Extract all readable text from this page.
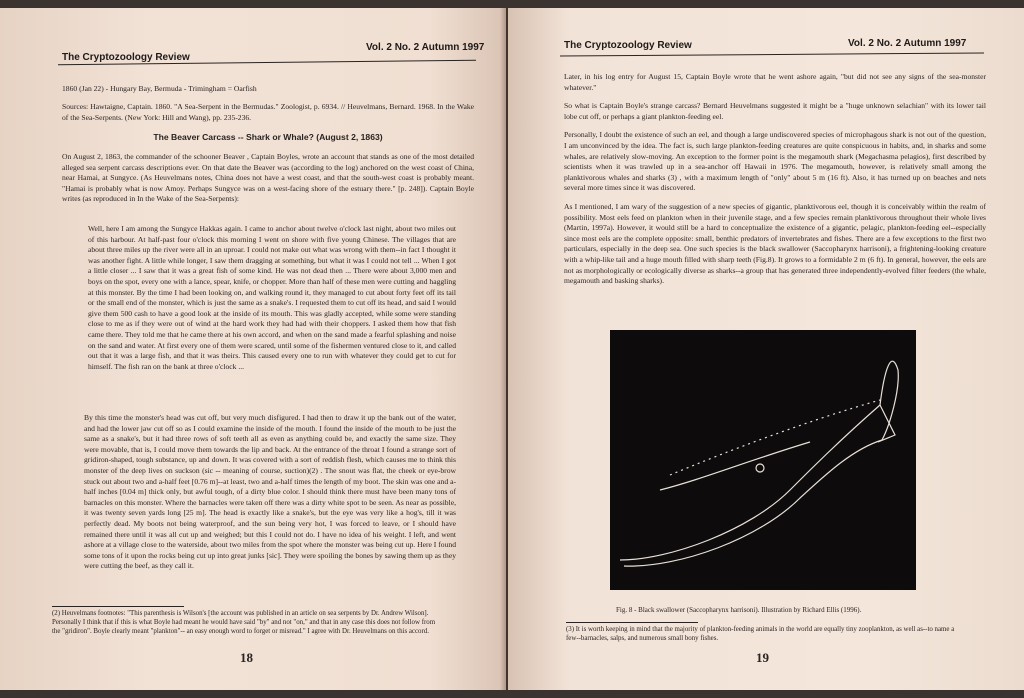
The Cryptozoology Review
Vol. 2 No. 2 Autumn 1997
1860 (Jan 22) - Hungary Bay, Bermuda - Trimingham = Oarfish
Sources: Hawtaigne, Captain. 1860. "A Sea-Serpent in the Bermudas." Zoologist, p. 6934. // Heuvelmans, Bernard. 1968. In the Wake of the Sea-Serpents. (New York: Hill and Wang), pp. 235-236.
The Beaver Carcass -- Shark or Whale? (August 2, 1863)
On August 2, 1863, the commander of the schooner Beaver , Captain Boyles, wrote an account that stands as one of the most detailed alleged sea serpent carcass descriptions ever. On that date the Beaver was (according to the log) anchored on the west coast of China, near Hamai, at Sungyce. (As Heuvelmans notes, China does not have a west coast, and that the south-west coast is probably meant. "Hamai is probably what is now Amoy. Perhaps Sungyce was on a west-facing shore of the estuary there." [p. 248]). Captain Boyle writes (as reproduced in In the Wake of the Sea-Serpents):
Well, here I am among the Sungyce Hakkas again. I came to anchor about twelve o'clock last night, about two miles out of this harbour. At half-past four o'clock this morning I went on shore with five young Chinese. The villages that are about three miles up the river were all in an uproar. I could not make out what was wrong with them--in fact I thought it was another fight. A little while longer, I saw them dragging at something, but what it was I could not tell ... When I got a little closer ... I saw that it was a great fish of some kind. He was not dead then ... There were about 3,000 men and boys on the spot, every one with a lance, spear, knife, or chopper. More than half of these men were cutting and haggling at this monster. By the time I had been looking on, and walking round it, they managed to cut about forty feet off its tail or the small end of the monster, which is just the same as a snake's. I requested them to cut off its head, and said I would give them 500 cash to have a good look at the inside of its mouth. This was gladly accepted, while some were standing close to me as if they were out of wind at the hard work they had had with their choppers. I asked them how that fish came there. They told me that he came there at his own accord, and when on the sand made a fearful splashing and noise on the sand and water. At first every one of them were scared, until some of the fishermen ventured close to it, and called out that it was a large fish, and that it was theirs. This caused every one to run with whatever they could get to cut for himself. The fish ran on the bank at three o'clock ...
By this time the monster's head was cut off, but very much disfigured. I had then to draw it up the bank out of the water, and had the lower jaw cut off so as I could examine the inside of the mouth. I found the inside of the mouth to be just the same as a snake's, but it had three rows of soft teeth all as even as anything could be, and exactly the same size. They were movable, that is, I could move them towards the lip and back. At the entrance of the throat I found a strange sort of gridiron-shaped, tough substance, up and down. It was covered with a sort of reddish flesh, which causes me to think this monster of the deep lives on suckson (sic -- meaning of course, suction)(2) . The snout was flat, the cheek or eye-brow stuck out about two and a-half feet [0.76 m]--at least, two and a-half times the length of my boot. The skin was one and a-half inches [0.04 m] thick only, but awful tough, of a dirty blue color. I should think there must have been many tons of barnacles on this monster. Where the barnacles were taken off there was a dirty white spot to be seen. As near as possible, it was twenty seven yards long [25 m]. The head is exactly like a snake's, but the eye was very like a hog's, till it was perfectly dead. My boots not being waterproof, and the sun being very hot, I was forced to leave, or I should have remained there until it was all cut up and weighed; but this I could not do. I have no idea of his weight. I left, and went ashore at a village close to the waterside, about two miles from the spot where the monster was being cut up. Here I found some tons of it upon the rocks being cut up into great junks [sic]. They were spoiling the bones by sawing them up as they were cutting the beef, as they call it.
(2) Heuvelmans footnotes: "This parenthesis is Wilson's [the account was published in an article on sea serpents by Dr. Andrew Wilson]. Personally I think that if this is what Boyle had meant he would have said "by" and not "on," and that in any case this does not follow from the "gridiron". Boyle clearly meant "plankton"-- an easy enough word to forget or misread." I agree with Dr. Heuvelmans on this accord.
18
The Cryptozoology Review	Vol. 2 No. 2 Autumn 1997

Later, in his log entry for August 15, Captain Boyle wrote that he went ashore again, "but did not see any signs of the sea-monster whatever."

So what is Captain Boyle's strange carcass? Bernard Heuvelmans suggested it might be a "huge unknown selachian" with its lower tail lobe cut off, or perhaps a giant plankton-feeding eel.

Personally, I doubt the existence of such an eel, and though a large undiscovered species of microphagous shark is not out of the question, I am unconvinced by the idea. The fact is, such large plankton-feeding creatures are quite conspicuous in habits, and, in sharks and some whales, are relatively slow-moving. An exception to the former point is the megamouth shark (Megachasma pelagios), first described by scientists when it was trawled up in a sea-anchor off Hawaii in 1976. The megamouth, however, is relatively small among the planktivorous whales and sharks (3) , with a maximum length of "only" about 5 m (16 ft). Also, it has turned up on beaches and nets several more times since it was discovered.

As I mentioned, I am wary of the suggestion of a new species of gigantic, planktivorous eel, though it is conceivably within the realm of possibility. Most eels feed on plankton when in their juvenile stage, and a few species remain planktivorous throughout their whole lives (Martin, 1997a). However, it would still be a hard to conceptualize the existence of a gigantic, pelagic, plankton-feeding eel--especially since most eels are the complete opposite: small, benthic predators of invertebrates and fishes. There are a few exceptions to the first two particulars, especially in the deep sea. One such species is the black swallower (Saccopharynx harrisoni), a frightening-looking creature with a whip-like tail and a huge mouth filled with sharp teeth (Fig.8). It grows to a formidable 2 m (6 ft). In general, however, the eels are not as morphologically or ecologically diverse as sharks--a group that has generated three independently-evolved filter feeders (the whale, megamouth and basking sharks).

Fig. 8 - Black swallower (Saccopharynx harrisoni). Illustration by Richard Ellis (1996).
(3) It is worth keeping in mind that the majority of plankton-feeding animals in the world are equally tiny zooplankton, as well as--to name a few--barnacles, salps, and numerous small bony fishes.
19
